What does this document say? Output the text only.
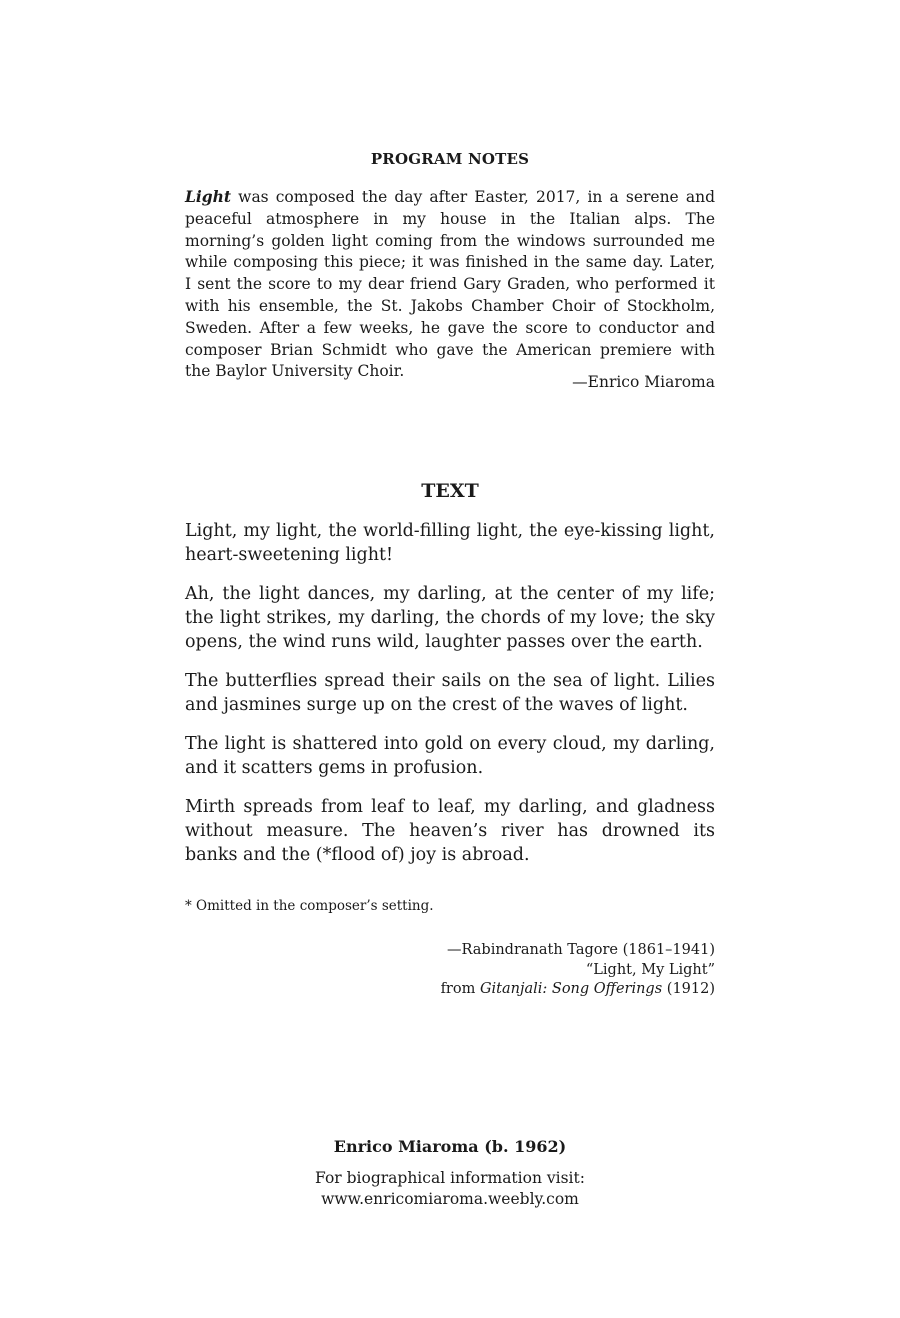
PROGRAM NOTES
Light was composed the day after Easter, 2017, in a serene and peaceful atmosphere in my house in the Italian alps. The morning’s golden light coming from the windows surrounded me while composing this piece; it was finished in the same day. Later, I sent the score to my dear friend Gary Graden, who performed it with his ensemble, the St. Jakobs Chamber Choir of Stockholm, Sweden. After a few weeks, he gave the score to conductor and composer Brian Schmidt who gave the American premiere with the Baylor University Choir.
—Enrico Miaroma
TEXT

Light, my light, the world-filling light, the eye-kissing light, heart-sweetening light!

Ah, the light dances, my darling, at the center of my life; the light strikes, my darling, the chords of my love; the sky opens, the wind runs wild, laughter passes over the earth.

The butterflies spread their sails on the sea of light. Lilies and jasmines surge up on the crest of the waves of light.

The light is shattered into gold on every cloud, my darling, and it scatters gems in profusion.

Mirth spreads from leaf to leaf, my darling, and gladness without measure. The heaven’s river has drowned its banks and the (*flood of) joy is abroad.

* Omitted in the composer’s setting.
—Rabindranath Tagore (1861–1941)
“Light, My Light”
from Gitanjali: Song Offerings (1912)
Enrico Miaroma (b. 1962)
For biographical information visit:
www.enricomiaroma.weebly.com
